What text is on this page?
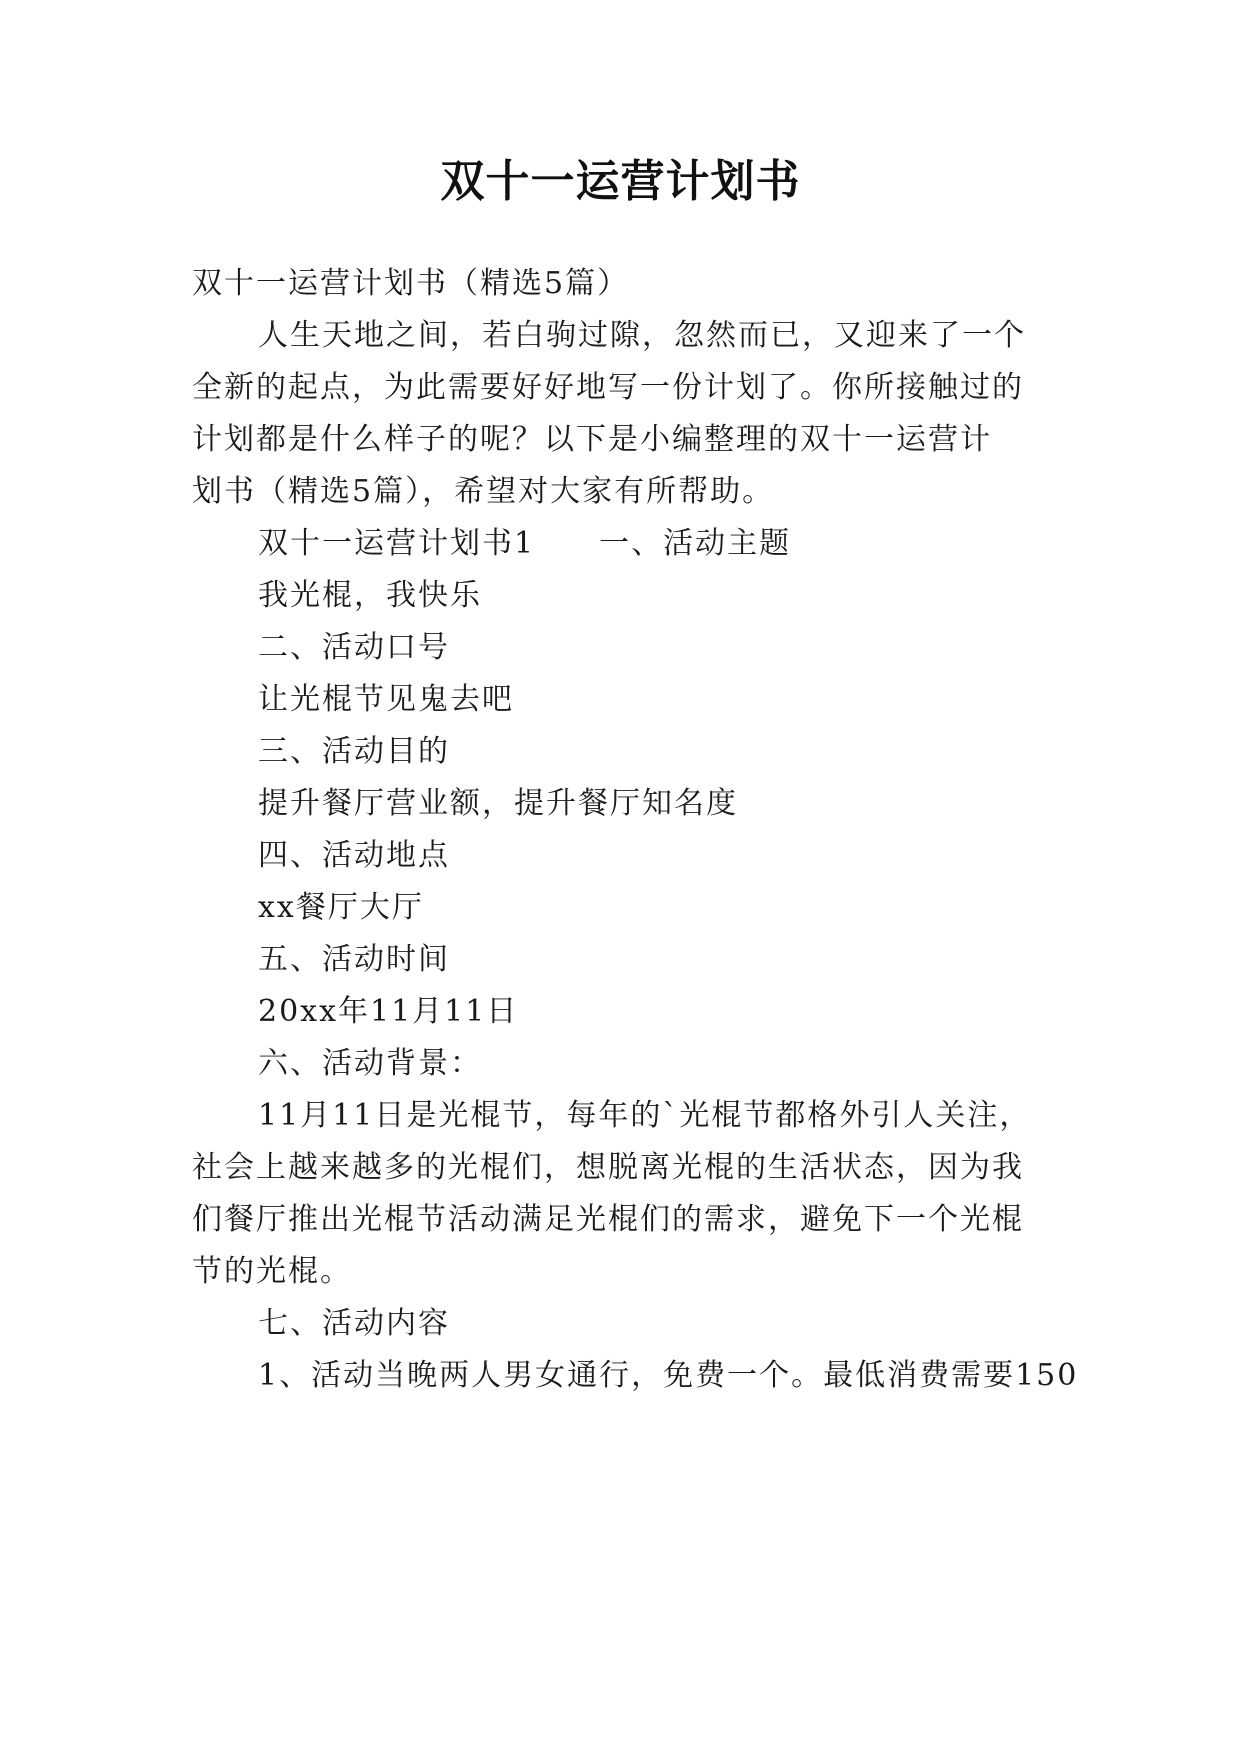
双十一运营计划书
双十一运营计划书（精选5篇）
人生天地之间，若白驹过隙，忽然而已，又迎来了一个
全新的起点，为此需要好好地写一份计划了。你所接触过的
计划都是什么样子的呢？以下是小编整理的双十一运营计
划书（精选5篇），希望对大家有所帮助。
双十一运营计划书1 一、活动主题
我光棍，我快乐
二、活动口号
让光棍节见鬼去吧
三、活动目的
提升餐厅营业额，提升餐厅知名度
四、活动地点
xx餐厅大厅
五、活动时间
20xx年11月11日
六、活动背景：
11月11日是光棍节，每年的`光棍节都格外引人关注，
社会上越来越多的光棍们，想脱离光棍的生活状态，因为我
们餐厅推出光棍节活动满足光棍们的需求，避免下一个光棍
节的光棍。
七、活动内容
1、活动当晚两人男女通行，免费一个。最低消费需要150
